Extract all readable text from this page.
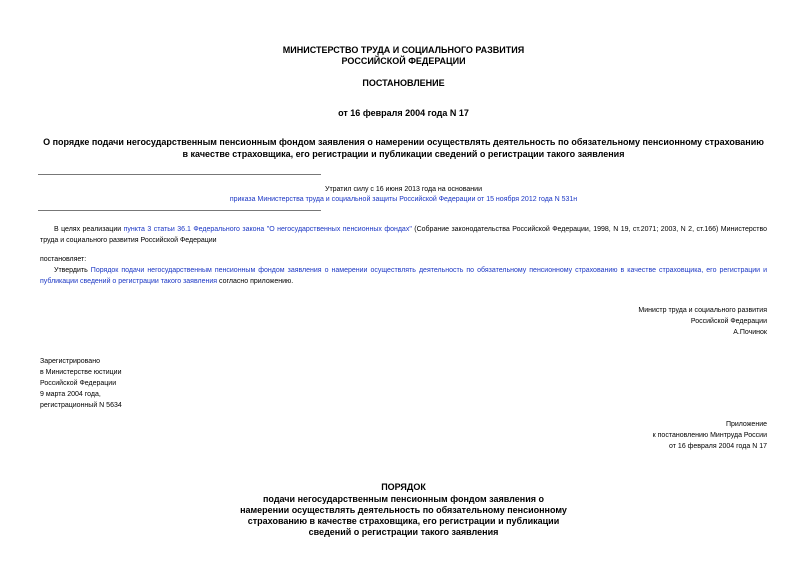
МИНИСТЕРСТВО ТРУДА И СОЦИАЛЬНОГО РАЗВИТИЯ
РОССИЙСКОЙ ФЕДЕРАЦИИ
ПОСТАНОВЛЕНИЕ
от 16 февраля 2004 года N 17
О порядке подачи негосударственным пенсионным фондом заявления о намерении осуществлять деятельность по обязательному пенсионному страхованию в качестве страховщика, его регистрации и публикации сведений о регистрации такого заявления
Утратил силу с 16 июня 2013 года на основании
приказа Министерства труда и социальной защиты Российской Федерации от 15 ноября 2012 года N 531н
В целях реализации пункта 3 статьи 36.1 Федерального закона "О негосударственных пенсионных фондах" (Собрание законодательства Российской Федерации, 1998, N 19, ст.2071; 2003, N 2, ст.166) Министерство труда и социального развития Российской Федерации
постановляет:
Утвердить Порядок подачи негосударственным пенсионным фондом заявления о намерении осуществлять деятельность по обязательному пенсионному страхованию в качестве страховщика, его регистрации и публикации сведений о регистрации такого заявления согласно приложению.
Министр труда и социального развития
Российской Федерации
А.Починок
Зарегистрировано
в Министерстве юстиции
Российской Федерации
9 марта 2004 года,
регистрационный N 5634
Приложение
к постановлению Минтруда России
от 16 февраля 2004 года N 17
ПОРЯДОК
подачи негосударственным пенсионным фондом заявления о
намерении осуществлять деятельность по обязательному пенсионному
страхованию в качестве страховщика, его регистрации и публикации
сведений о регистрации такого заявления
